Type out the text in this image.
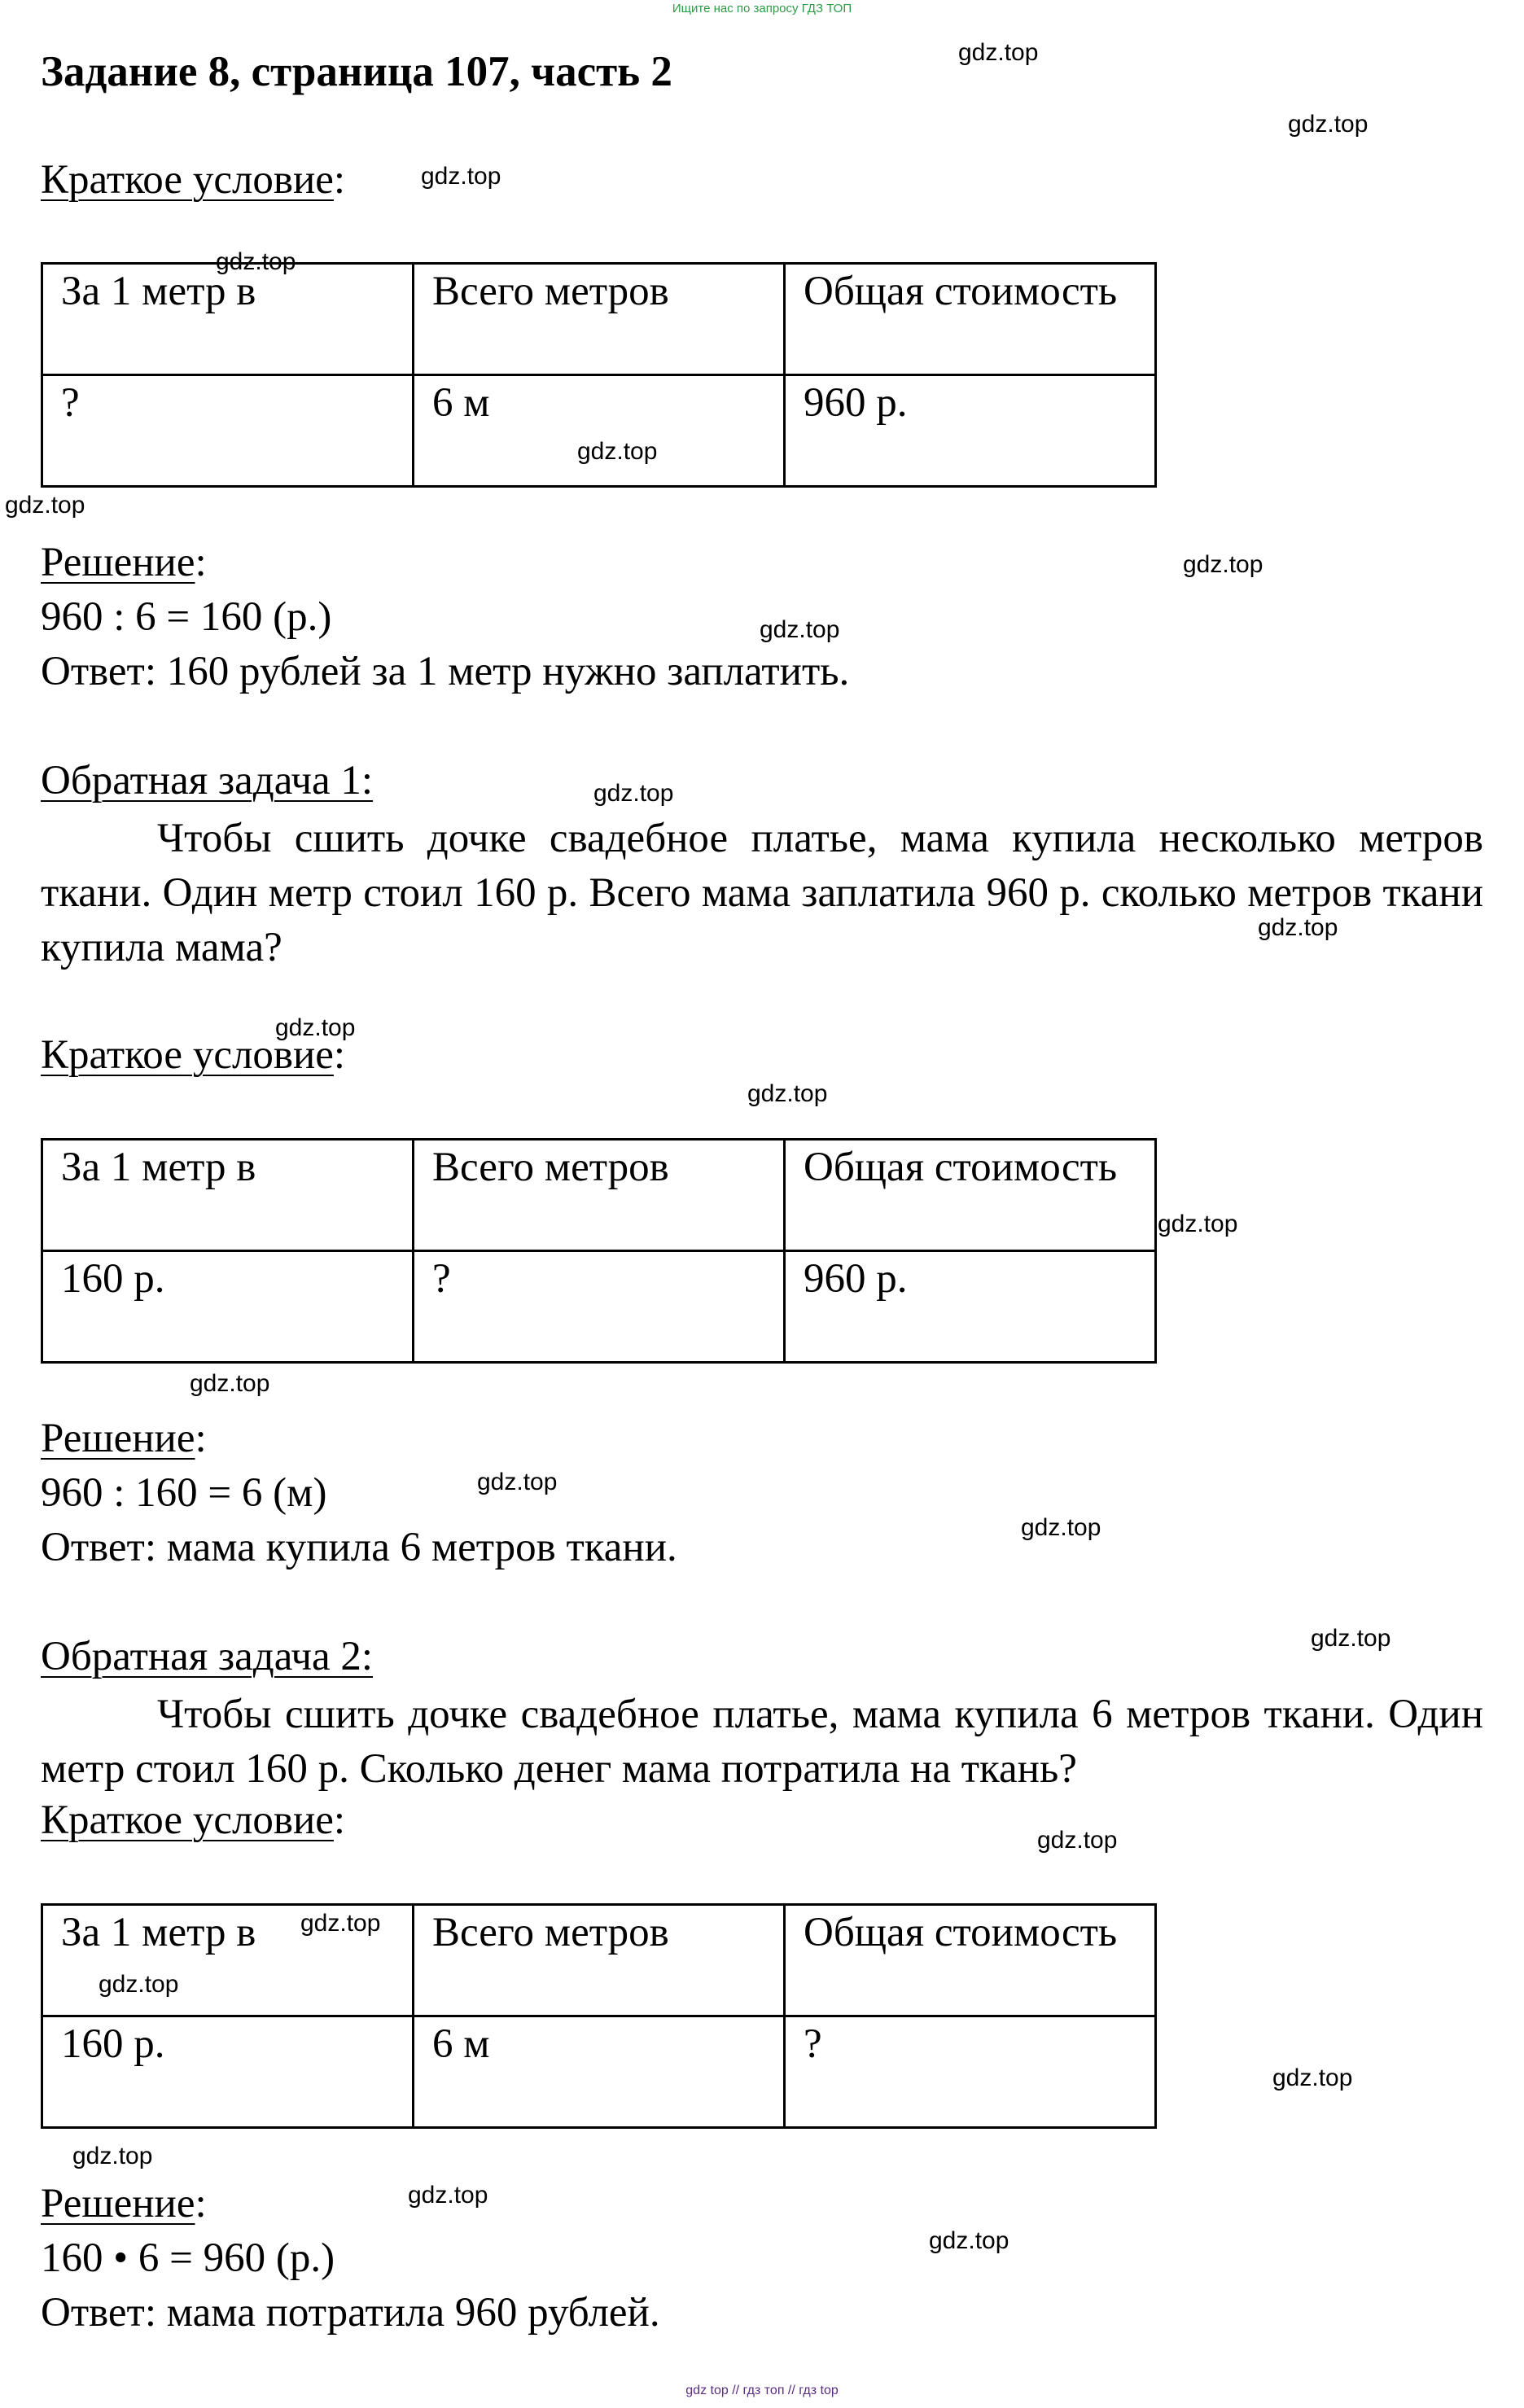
Ищите нас по запросу ГДЗ ТОП
Задание 8, страница 107, часть 2
Краткое условие:
За 1 метр в	Всего метров	Общая стоимость
?	6 м	960 р.
Решение:
960 : 6 = 160 (р.)
Ответ: 160 рублей за 1 метр нужно заплатить.
Обратная задача 1:
Чтобы сшить дочке свадебное платье, мама купила несколько метров ткани. Один метр стоил 160 р. Всего мама заплатила 960 р. сколько метров ткани купила мама?
Краткое условие:
За 1 метр в	Всего метров	Общая стоимость
160 р.	?	960 р.
Решение:
960 : 160 = 6 (м)
Ответ: мама купила 6 метров ткани.
Обратная задача 2:
Чтобы сшить дочке свадебное платье, мама купила 6 метров ткани. Один метр стоил 160 р. Сколько денег мама потратила на ткань?
Краткое условие:
За 1 метр в	Всего метров	Общая стоимость
160 р.	6 м	?
Решение:
160 • 6 = 960 (р.)
Ответ: мама потратила 960 рублей.
gdz.top
gdz.top
gdz.top
gdz.top
gdz.top
gdz.top
gdz.top
gdz.top
gdz.top
gdz.top
gdz.top
gdz.top
gdz.top
gdz.top
gdz.top
gdz.top
gdz.top
gdz.top
gdz.top
gdz.top
gdz.top
gdz.top
gdz.top
gdz.top
gdz top // гдз топ // гдз top
